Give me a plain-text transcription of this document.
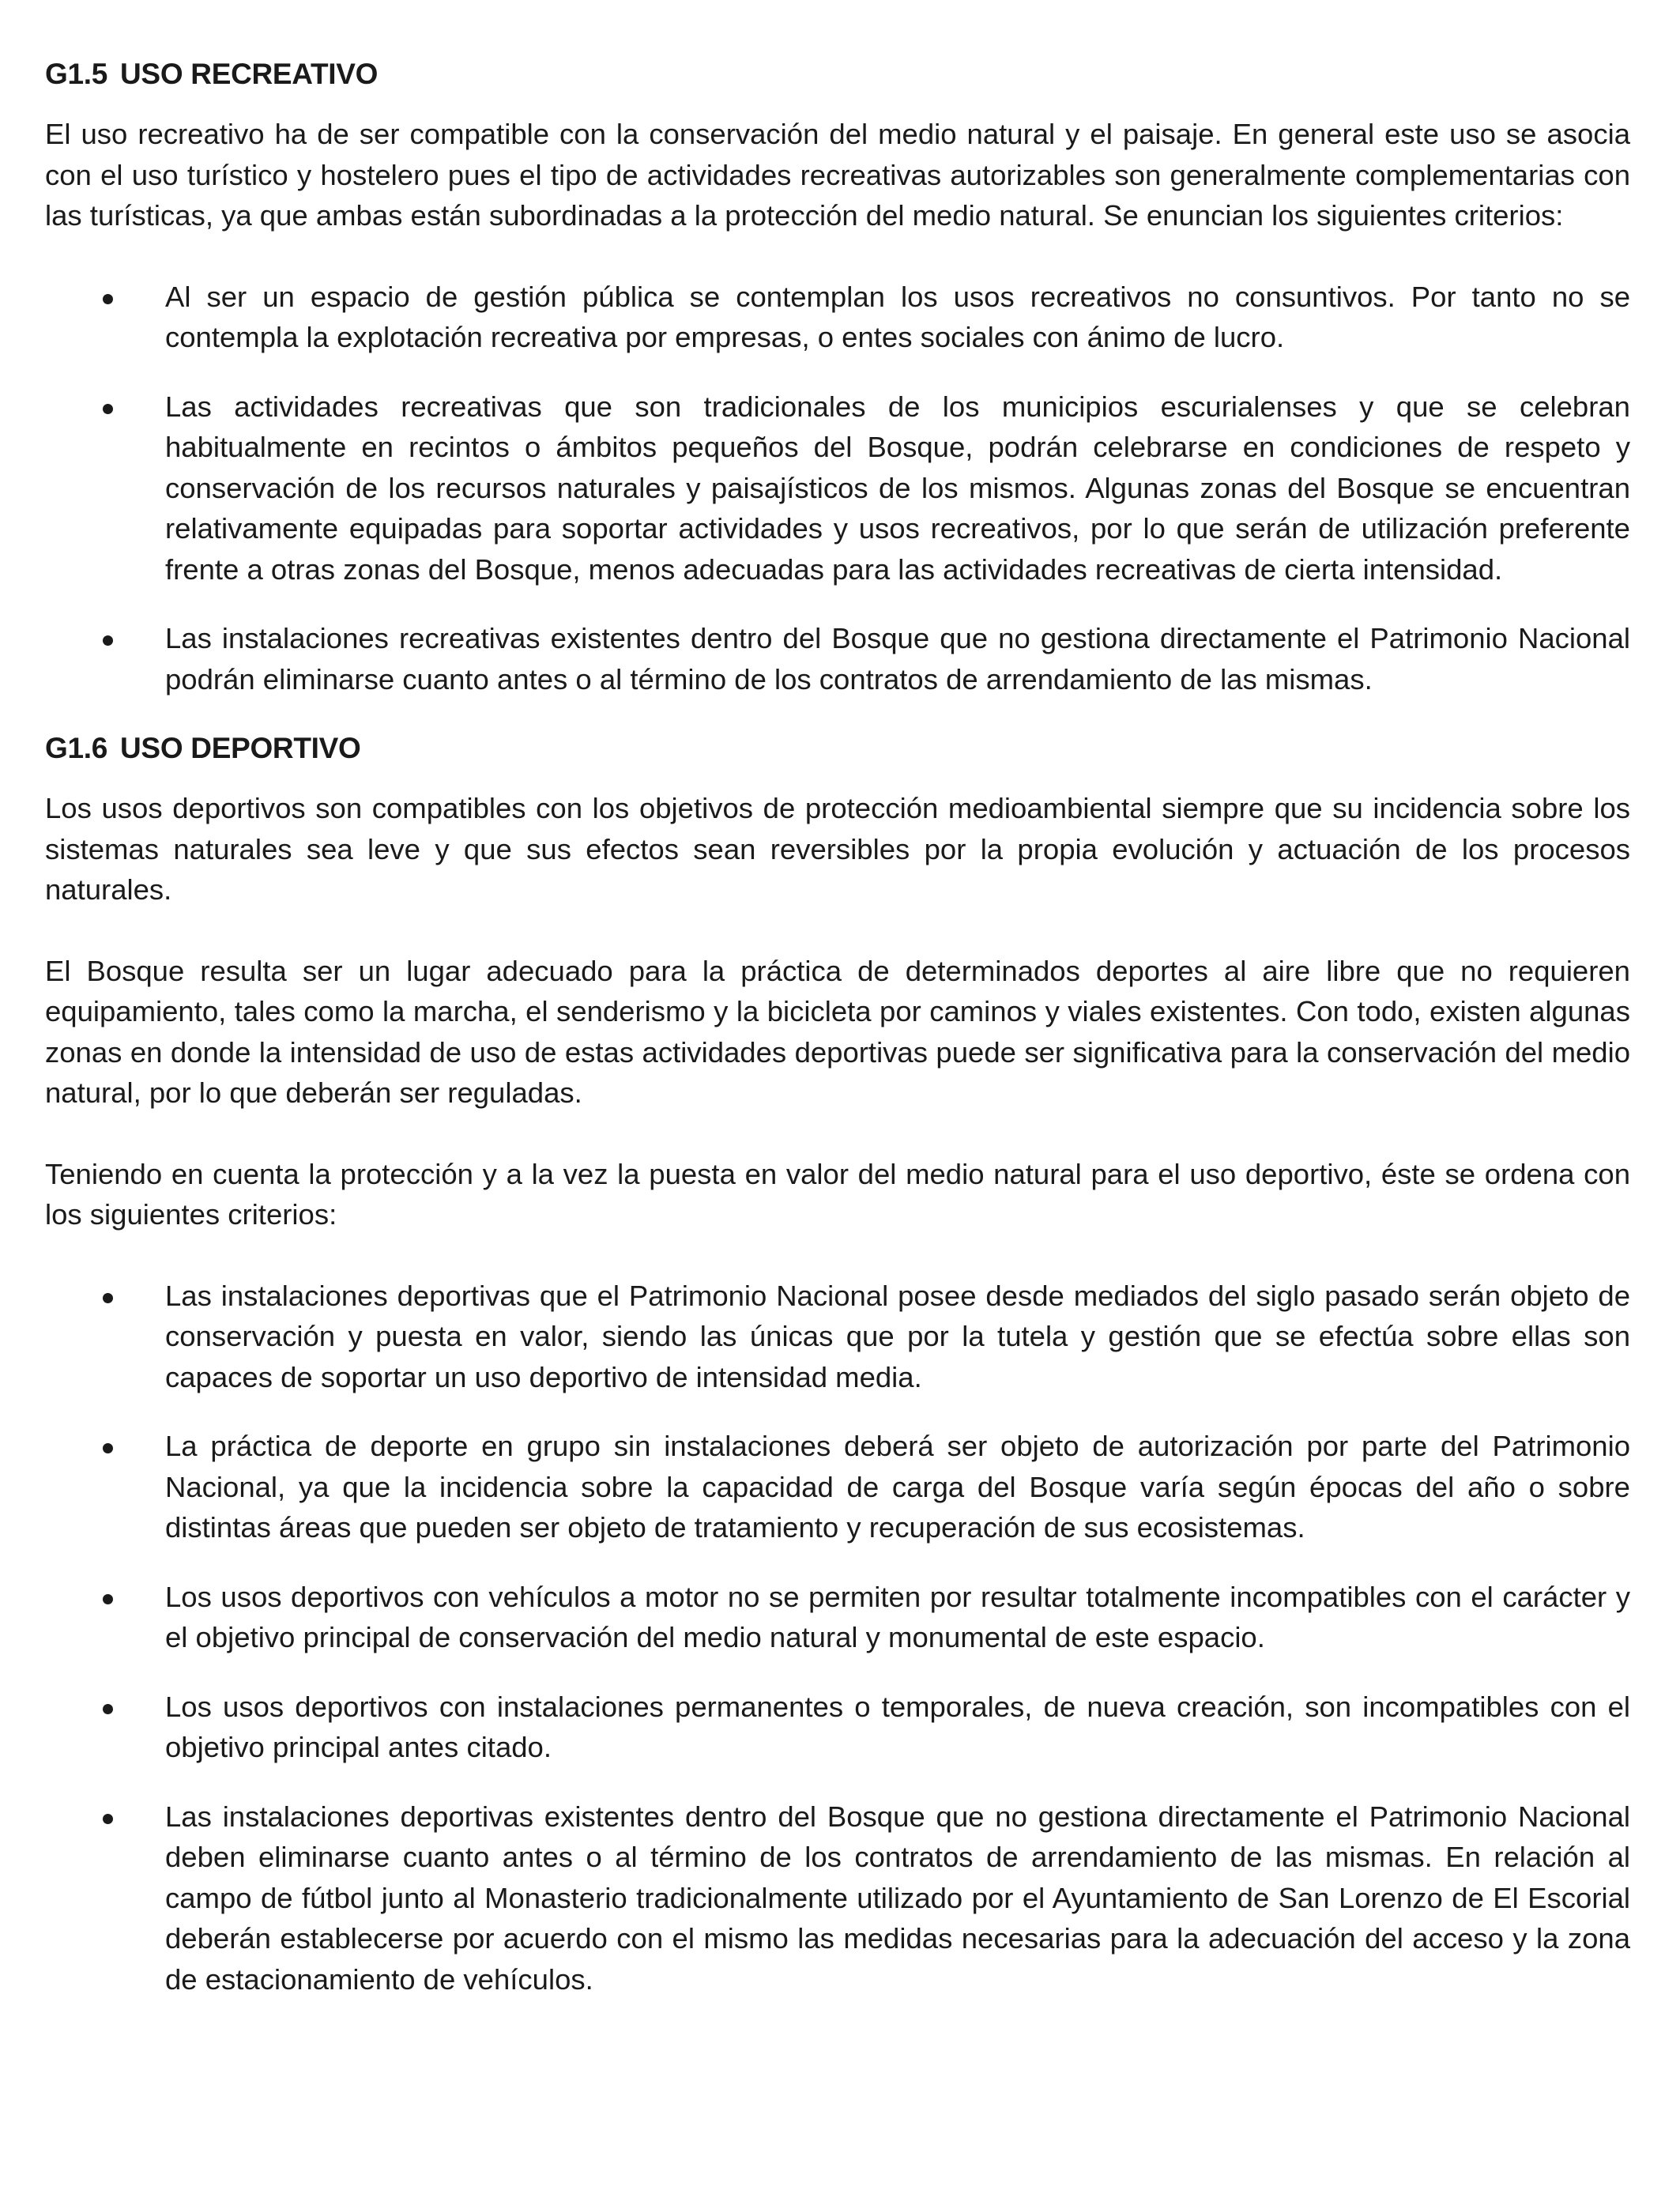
G1.5 USO RECREATIVO

El uso recreativo ha de ser compatible con la conservación del medio natural y el paisaje. En general este uso se asocia con el uso turístico y hostelero pues el tipo de actividades recreativas autorizables son generalmente complementarias con las turísticas, ya que ambas están subordinadas a la protección del medio natural. Se enuncian los siguientes criterios:

Al ser un espacio de gestión pública se contemplan los usos recreativos no consuntivos. Por tanto no se contempla la explotación recreativa por empresas, o entes sociales con ánimo de lucro.
Las actividades recreativas que son tradicionales de los municipios escurialenses y que se celebran habitualmente en recintos o ámbitos pequeños del Bosque, podrán celebrarse en condiciones de respeto y conservación de los recursos naturales y paisajísticos de los mismos. Algunas zonas del Bosque se encuentran relativamente equipadas para soportar actividades y usos recreativos, por lo que serán de utilización preferente frente a otras zonas del Bosque, menos adecuadas para las actividades recreativas de cierta intensidad.
Las instalaciones recreativas existentes dentro del Bosque que no gestiona directamente el Patrimonio Nacional podrán eliminarse cuanto antes o al término de los contratos de arrendamiento de las mismas.
G1.6 USO DEPORTIVO

Los usos deportivos son compatibles con los objetivos de protección medioambiental siempre que su incidencia sobre los sistemas naturales sea leve y que sus efectos sean reversibles por la propia evolución y actuación de los procesos naturales.

El Bosque resulta ser un lugar adecuado para la práctica de determinados deportes al aire libre que no requieren equipamiento, tales como la marcha, el senderismo y la bicicleta por caminos y viales existentes. Con todo, existen algunas zonas en donde la intensidad de uso de estas actividades deportivas puede ser significativa para la conservación del medio natural, por lo que deberán ser reguladas.

Teniendo en cuenta la protección y a la vez la puesta en valor del medio natural para el uso deportivo, éste se ordena con los siguientes criterios:

Las instalaciones deportivas que el Patrimonio Nacional posee desde mediados del siglo pasado serán objeto de conservación y puesta en valor, siendo las únicas que por la tutela y gestión que se efectúa sobre ellas son capaces de soportar un uso deportivo de intensidad media.
La práctica de deporte en grupo sin instalaciones deberá ser objeto de autorización por parte del Patrimonio Nacional, ya que la incidencia sobre la capacidad de carga del Bosque varía según épocas del año o sobre distintas áreas que pueden ser objeto de tratamiento y recuperación de sus ecosistemas.
Los usos deportivos con vehículos a motor no se permiten por resultar totalmente incompatibles con el carácter y el objetivo principal de conservación del medio natural y monumental de este espacio.
Los usos deportivos con instalaciones permanentes o temporales, de nueva creación, son incompatibles con el objetivo principal antes citado.
Las instalaciones deportivas existentes dentro del Bosque que no gestiona directamente el Patrimonio Nacional deben eliminarse cuanto antes o al término de los contratos de arrendamiento de las mismas. En relación al campo de fútbol junto al Monasterio tradicionalmente utilizado por el Ayuntamiento de San Lorenzo de El Escorial deberán establecerse por acuerdo con el mismo las medidas necesarias para la adecuación del acceso y la zona de estacionamiento de vehículos.
